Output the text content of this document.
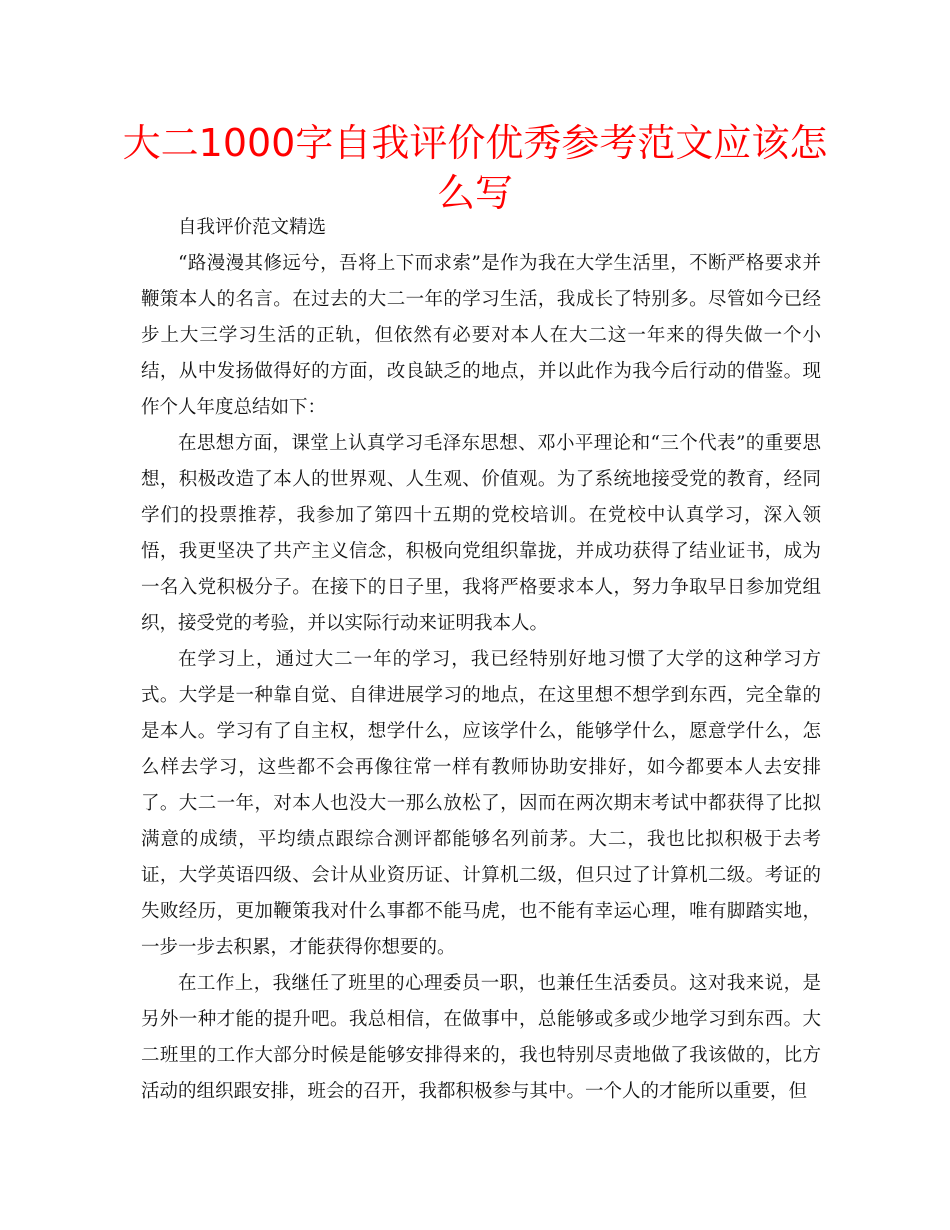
大二1000字自我评价优秀参考范文应该怎么写

自我评价范文精选

“路漫漫其修远兮，吾将上下而求索”是作为我在大学生活里，不断严格要求并鞭策本人的名言。在过去的大二一年的学习生活，我成长了特别多。尽管如今已经步上大三学习生活的正轨，但依然有必要对本人在大二这一年来的得失做一个小结，从中发扬做得好的方面，改良缺乏的地点，并以此作为我今后行动的借鉴。现作个人年度总结如下：

在思想方面，课堂上认真学习毛泽东思想、邓小平理论和“三个代表”的重要思想，积极改造了本人的世界观、人生观、价值观。为了系统地接受党的教育，经同学们的投票推荐，我参加了第四十五期的党校培训。在党校中认真学习，深入领悟，我更坚决了共产主义信念，积极向党组织靠拢，并成功获得了结业证书，成为一名入党积极分子。在接下的日子里，我将严格要求本人，努力争取早日参加党组织，接受党的考验，并以实际行动来证明我本人。

在学习上，通过大二一年的学习，我已经特别好地习惯了大学的这种学习方式。大学是一种靠自觉、自律进展学习的地点，在这里想不想学到东西，完全靠的是本人。学习有了自主权，想学什么，应该学什么，能够学什么，愿意学什么，怎么样去学习，这些都不会再像往常一样有教师协助安排好，如今都要本人去安排了。大二一年，对本人也没大一那么放松了，因而在两次期末考试中都获得了比拟满意的成绩，平均绩点跟综合测评都能够名列前茅。大二，我也比拟积极于去考证，大学英语四级、会计从业资历证、计算机二级，但只过了计算机二级。考证的失败经历，更加鞭策我对什么事都不能马虎，也不能有幸运心理，唯有脚踏实地，一步一步去积累，才能获得你想要的。

在工作上，我继任了班里的心理委员一职，也兼任生活委员。这对我来说，是另外一种才能的提升吧。我总相信，在做事中，总能够或多或少地学习到东西。大二班里的工作大部分时候是能够安排得来的，我也特别尽责地做了我该做的，比方活动的组织跟安排，班会的召开，我都积极参与其中。一个人的才能所以重要，但
